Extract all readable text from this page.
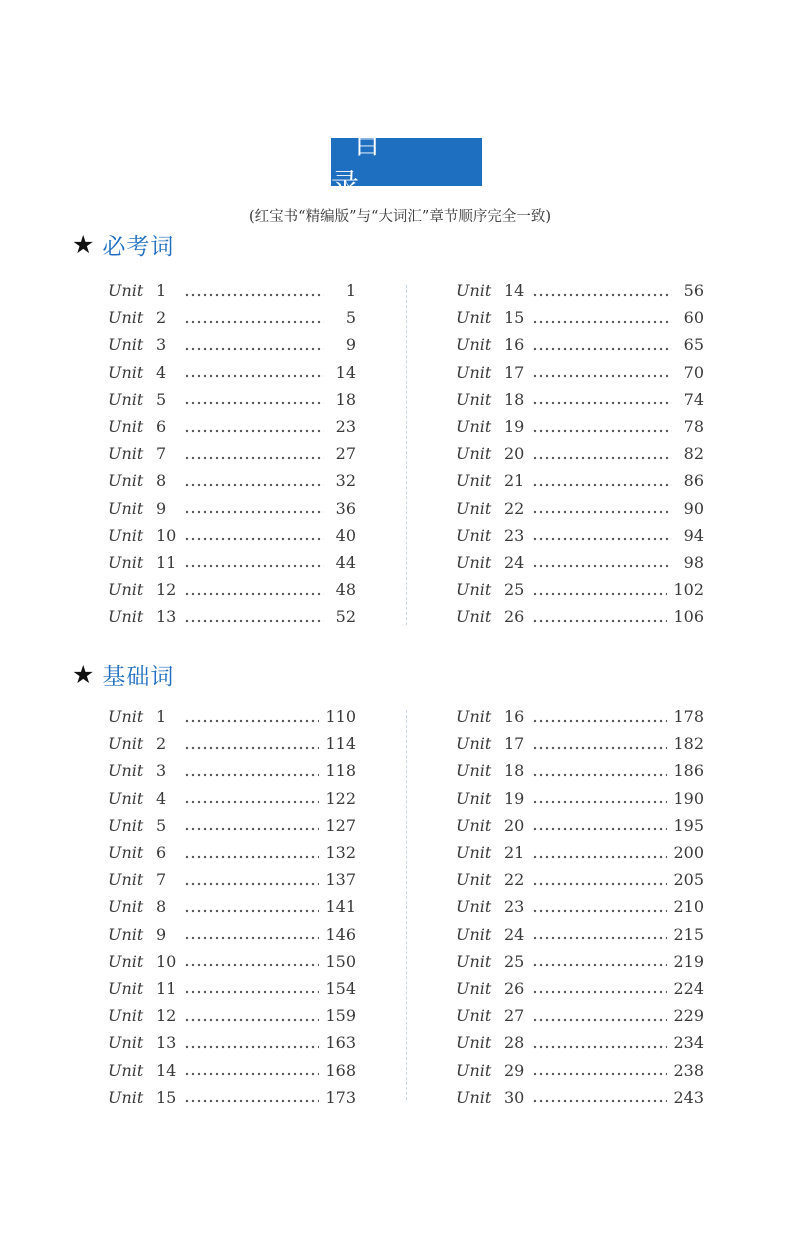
目 录
(红宝书“精编版”与“大词汇”章节顺序完全一致)
★ 必考词
Unit 1	1
Unit 2	5
Unit 3	9
Unit 4	14
Unit 5	18
Unit 6	23
Unit 7	27
Unit 8	32
Unit 9	36
Unit 10	40
Unit 11	44
Unit 12	48
Unit 13	52
Unit 14	56
Unit 15	60
Unit 16	65
Unit 17	70
Unit 18	74
Unit 19	78
Unit 20	82
Unit 21	86
Unit 22	90
Unit 23	94
Unit 24	98
Unit 25	102
Unit 26	106
★ 基础词
Unit 1	110
Unit 2	114
Unit 3	118
Unit 4	122
Unit 5	127
Unit 6	132
Unit 7	137
Unit 8	141
Unit 9	146
Unit 10	150
Unit 11	154
Unit 12	159
Unit 13	163
Unit 14	168
Unit 15	173
Unit 16	178
Unit 17	182
Unit 18	186
Unit 19	190
Unit 20	195
Unit 21	200
Unit 22	205
Unit 23	210
Unit 24	215
Unit 25	219
Unit 26	224
Unit 27	229
Unit 28	234
Unit 29	238
Unit 30	243
